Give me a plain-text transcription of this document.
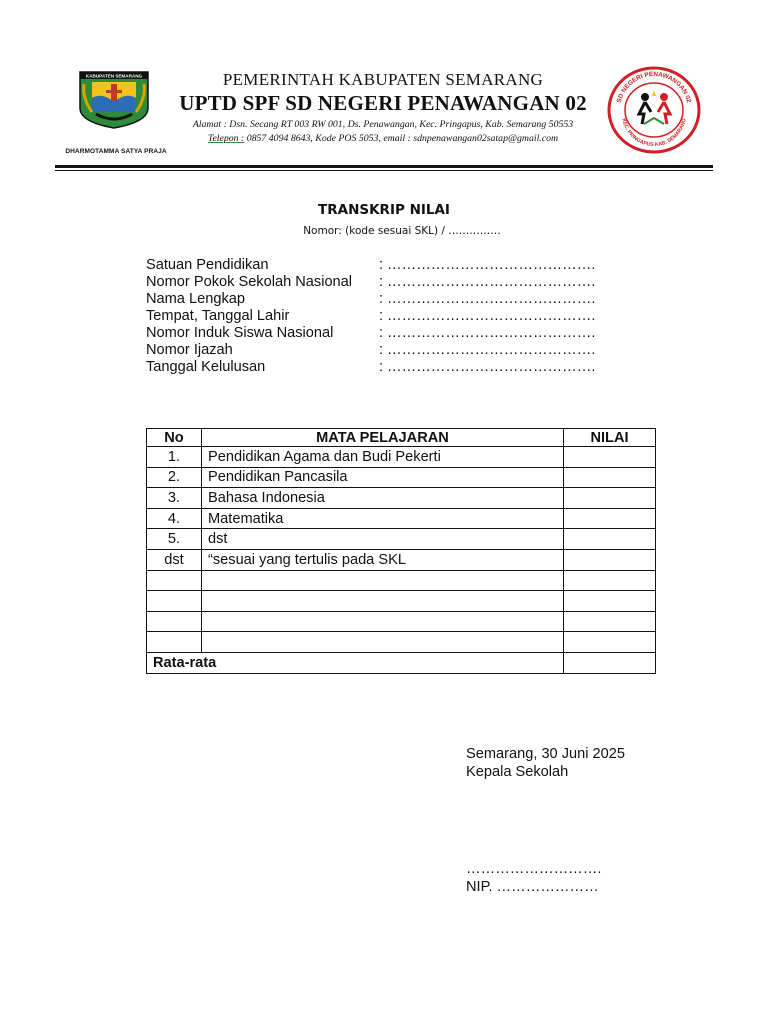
KABUPATEN SEMARANG
DHARMOTAMMA SATYA PRAJA
PEMERINTAH KABUPATEN SEMARANG
UPTD SPF SD NEGERI PENAWANGAN 02
Alamat : Dsn. Secang RT 003 RW 001, Ds. Penawangan, Kec. Pringapus, Kab. Semarang 50553
Telepon : 0857 4094 8643, Kode POS 5053, email : sdnpenawangan02satap@gmail.com
SD NEGERI PENAWANGAN 02
KEC. PRINGAPUS KAB. SEMARANG
TRANSKRIP NILAI
Nomor: (kode sesuai SKL) / ……………
Satuan Pendidikan	: …………………………………….
Nomor Pokok Sekolah Nasional	: …………………………………….
Nama Lengkap	: …………………………………….
Tempat, Tanggal Lahir	: …………………………………….
Nomor Induk Siswa Nasional	: …………………………………….
Nomor Ijazah	: …………………………………….
Tanggal Kelulusan	: …………………………………….
No	MATA PELAJARAN	NILAI
1.	Pendidikan Agama dan Budi Pekerti	
2.	Pendidikan Pancasila	
3.	Bahasa Indonesia	
4.	Matematika	
5.	dst	
dst	“sesuai yang tertulis pada SKL	

Rata-rata		
Semarang, 30 Juni 2025
Kepala Sekolah
……………………….
NIP. …………………
